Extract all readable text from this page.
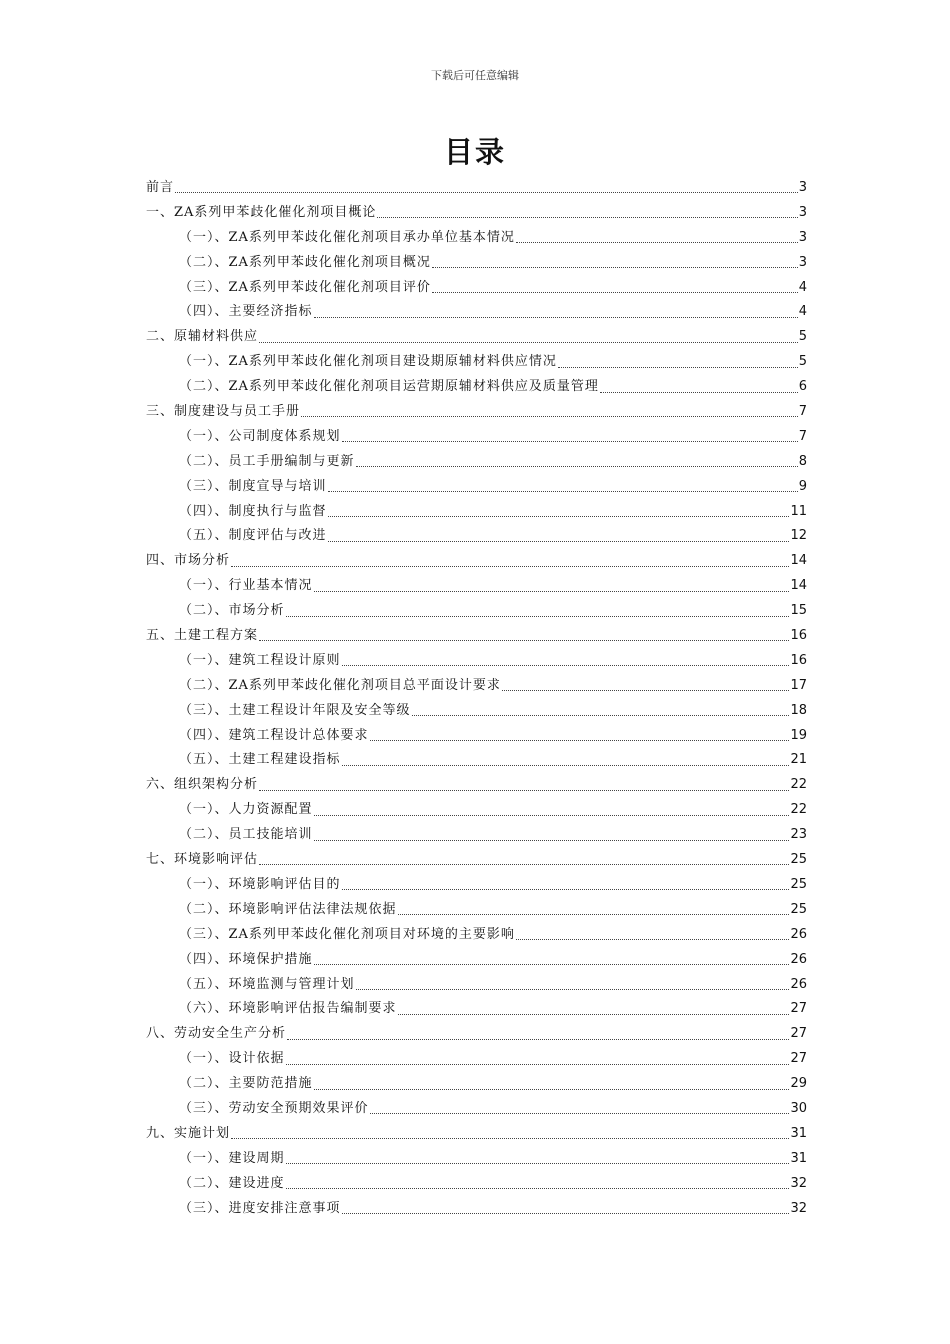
下载后可任意编辑
目录
前言	3
一、ZA系列甲苯歧化催化剂项目概论	3
（一）、ZA系列甲苯歧化催化剂项目承办单位基本情况	3
（二）、ZA系列甲苯歧化催化剂项目概况	3
（三）、ZA系列甲苯歧化催化剂项目评价	4
（四）、主要经济指标	4
二、原辅材料供应	5
（一）、ZA系列甲苯歧化催化剂项目建设期原辅材料供应情况	5
（二）、ZA系列甲苯歧化催化剂项目运营期原辅材料供应及质量管理	6
三、制度建设与员工手册	7
（一）、公司制度体系规划	7
（二）、员工手册编制与更新	8
（三）、制度宣导与培训	9
（四）、制度执行与监督	11
（五）、制度评估与改进	12
四、市场分析	14
（一）、行业基本情况	14
（二）、市场分析	15
五、土建工程方案	16
（一）、建筑工程设计原则	16
（二）、ZA系列甲苯歧化催化剂项目总平面设计要求	17
（三）、土建工程设计年限及安全等级	18
（四）、建筑工程设计总体要求	19
（五）、土建工程建设指标	21
六、组织架构分析	22
（一）、人力资源配置	22
（二）、员工技能培训	23
七、环境影响评估	25
（一）、环境影响评估目的	25
（二）、环境影响评估法律法规依据	25
（三）、ZA系列甲苯歧化催化剂项目对环境的主要影响	26
（四）、环境保护措施	26
（五）、环境监测与管理计划	26
（六）、环境影响评估报告编制要求	27
八、劳动安全生产分析	27
（一）、设计依据	27
（二）、主要防范措施	29
（三）、劳动安全预期效果评价	30
九、实施计划	31
（一）、建设周期	31
（二）、建设进度	32
（三）、进度安排注意事项	32
